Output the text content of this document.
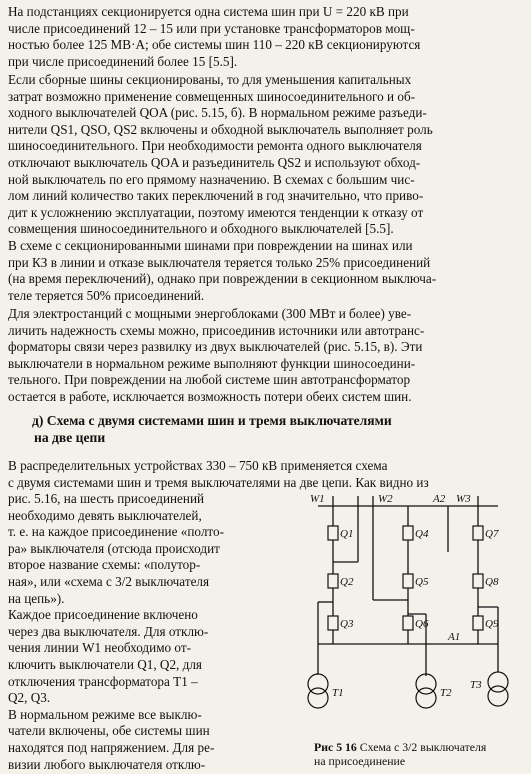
На подстанциях секционируется одна система шин при U = 220 кВ при
числе присоединений 12 – 15 или при установке трансформаторов мощ-
ностью более 125 МВ·А; обе системы шин 110 – 220 кВ секционируются
при числе присоединений более 15 [5.5].
Если сборные шины секционированы, то для уменьшения капитальных
затрат возможно применение совмещенных шиносоединительного и об-
ходного выключателей QOA (рис. 5.15, б). В нормальном режиме разъеди-
нители QS1, QSO, QS2 включены и обходной выключатель выполняет роль
шиносоединительного. При необходимости ремонта одного выключателя
отключают выключатель QOA и разъединитель QS2 и используют обход-
ной выключатель по его прямому назначению. В схемах с большим чис-
лом линий количество таких переключений в год значительно, что приво-
дит к усложнению эксплуатации, поэтому имеются тенденции к отказу от
совмещения шиносоединительного и обходного выключателей [5.5].
В схеме с секционированными шинами при повреждении на шинах или
при КЗ в линии и отказе выключателя теряется только 25% присоединений
(на время переключений), однако при повреждении в секционном выключа-
теле теряется 50% присоединений.
Для электростанций с мощными энергоблоками (300 МВт и более) уве-
личить надежность схемы можно, присоединив источники или автотранс-
форматоры связи через развилку из двух выключателей (рис. 5.15, в). Эти
выключатели в нормальном режиме выполняют функции шиносоедини-
тельного. При повреждении на любой системе шин автотрансформатор
остается в работе, исключается возможность потери обеих систем шин.
д) Схема с двумя системами шин и тремя выключателями
на две цепи
В распределительных устройствах 330 – 750 кВ применяется схема
с двумя системами шин и тремя выключателями на две цепи. Как видно из
рис. 5.16, на шесть присоединений
необходимо девять выключателей,
т. е. на каждое присоединение «полто-
ра» выключателя (отсюда происходит
второе название схемы: «полутор-
ная», или «схема с 3/2 выключателя
на цепь»).
Каждое присоединение включено
через два выключателя. Для отклю-
чения линии W1 необходимо от-
ключить выключатели Q1, Q2, для
отключения трансформатора T1 –
Q2, Q3.
В нормальном режиме все выклю-
чатели включены, обе системы шин
находятся под напряжением. Для ре-
визии любого выключателя отклю-
W1	W2	A2 W3
A1
Q1
Q2
Q3
Q4
Q5
Q6
Q7
Q8
Q9
T1	T2
T3
Рис 5 16 Схема с 3/2 выключателя
на присоединение
